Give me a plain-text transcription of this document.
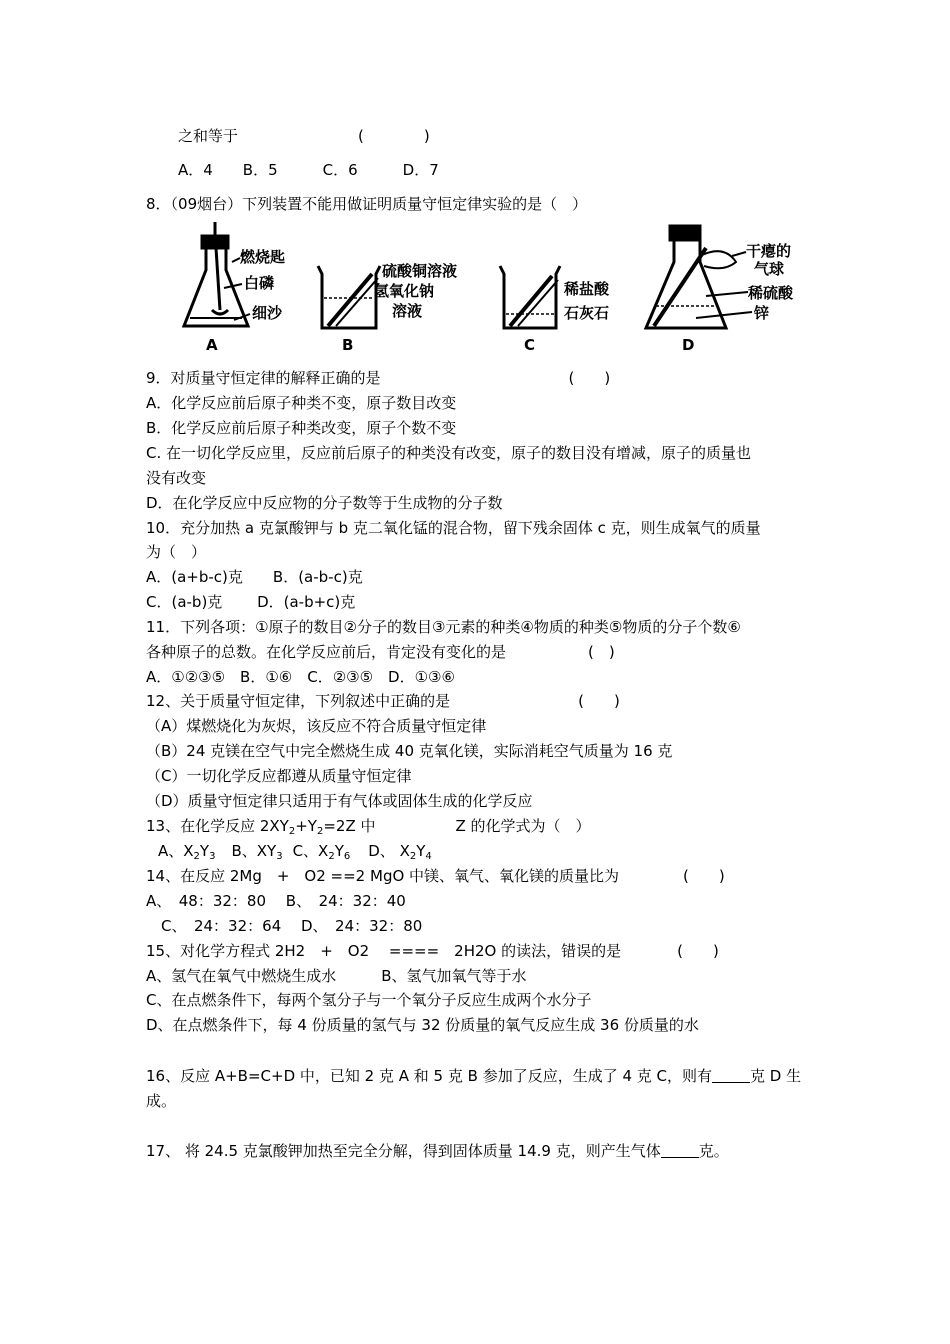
之和等于	(　　　　)
A．4　　B．5　　　C．6　　　D．7
8．（09烟台）下列装置不能用做证明质量守恒定律实验的是（　）
燃烧匙
白磷
细沙
A
硫酸铜溶液
氢氧化钠
溶液
B
稀盐酸
石灰石
C
干瘪的
气球
稀硫酸
锌
D
9．对质量守恒定律的解释正确的是	(　　)
A．化学反应前后原子种类不变，原子数目改变
B．化学反应前后原子种类改变，原子个数不变
C. 在一切化学反应里，反应前后原子的种类没有改变，原子的数目没有增减，原子的质量也
没有改变
D．在化学反应中反应物的分子数等于生成物的分子数
10．充分加热 a 克氯酸钾与 b 克二氧化锰的混合物，留下残余固体 c 克，则生成氧气的质量
为（　）
A．(a+b-c)克　　B．(a-b-c)克
C．(a-b)克　　 D．(a-b+c)克
11．下列各项：①原子的数目②分子的数目③元素的种类④物质的种类⑤物质的分子个数⑥
各种原子的总数。在化学反应前后，肯定没有变化的是	(　)
A．①②③⑤　B．①⑥　C．②③⑤　D．①③⑥
12、关于质量守恒定律，下列叙述中正确的是	(　　)
（A）煤燃烧化为灰烬，该反应不符合质量守恒定律
（B）24 克镁在空气中完全燃烧生成 40 克氧化镁，实际消耗空气质量为 16 克
（C）一切化学反应都遵从质量守恒定律
（D）质量守恒定律只适用于有气体或固体生成的化学反应
13、在化学反应 $2XY_2+Y_2=2Z$ 中	Z 的化学式为（　）
A、$X_2Y_3$ B、$XY_3$ C、$X_2Y_6$ D、 $X_2Y_4$
14、在反应 2Mg　+　O2 ==2 MgO 中镁、氧气、氧化镁的质量比为	(　　)
A、　48：32：80　 B、　24：32：40
　C、　24：32：64　 D、　24：32：80
15、对化学方程式 2H2　+　O2　 ====　2H2O 的读法，错误的是	(　　)
A、氢气在氧气中燃烧生成水　　　B、氢气加氧气等于水
C、在点燃条件下，每两个氢分子与一个氧分子反应生成两个水分子
D、在点燃条件下，每 4 份质量的氢气与 32 份质量的氧气反应生成 36 份质量的水
16、反应 A+B=C+D 中，已知 2 克 A 和 5 克 B 参加了反应，生成了 4 克 C，则有	克 D 生
成。
17、 将 24.5 克氯酸钾加热至完全分解，得到固体质量 14.9 克，则产生气体	克。
